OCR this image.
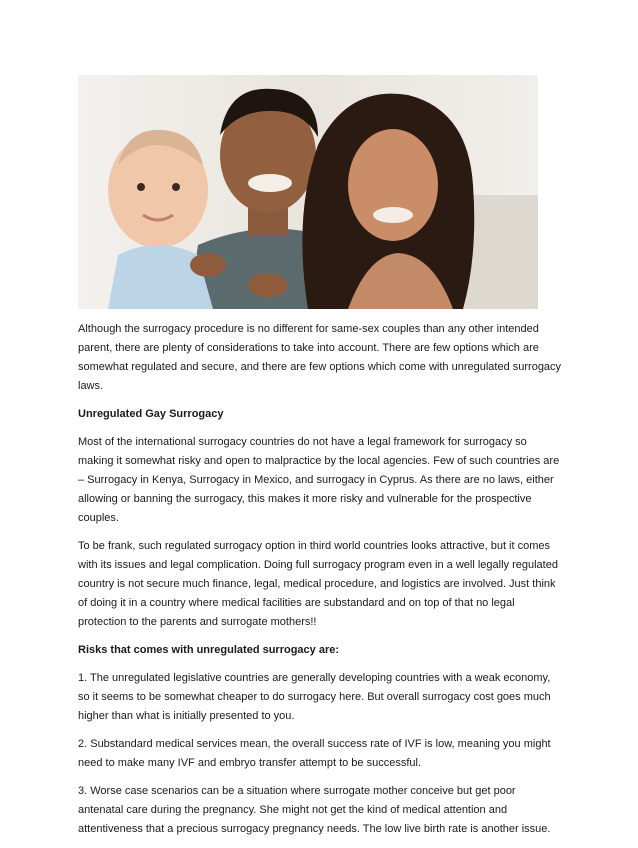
Although the surrogacy procedure is no different for same-sex couples than any other intended parent, there are plenty of considerations to take into account. There are few options which are somewhat regulated and secure, and there are few options which come with unregulated surrogacy laws.

Unregulated Gay Surrogacy

Most of the international surrogacy countries do not have a legal framework for surrogacy so making it somewhat risky and open to malpractice by the local agencies. Few of such countries are – Surrogacy in Kenya, Surrogacy in Mexico, and surrogacy in Cyprus. As there are no laws, either allowing or banning the surrogacy, this makes it more risky and vulnerable for the prospective couples.

To be frank, such regulated surrogacy option in third world countries looks attractive, but it comes with its issues and legal complication. Doing full surrogacy program even in a well legally regulated country is not secure much finance, legal, medical procedure, and logistics are involved. Just think of doing it in a country where medical facilities are substandard and on top of that no legal protection to the parents and surrogate mothers!!

Risks that comes with unregulated surrogacy are:

1. The unregulated legislative countries are generally developing countries with a weak economy, so it seems to be somewhat cheaper to do surrogacy here. But overall surrogacy cost goes much higher than what is initially presented to you.

2. Substandard medical services mean, the overall success rate of IVF is low, meaning you might need to make many IVF and embryo transfer attempt to be successful.

3. Worse case scenarios can be a situation where surrogate mother conceive but get poor antenatal care during the pregnancy. She might not get the kind of medical attention and attentiveness that a precious surrogacy pregnancy needs. The low live birth rate is another issue.
